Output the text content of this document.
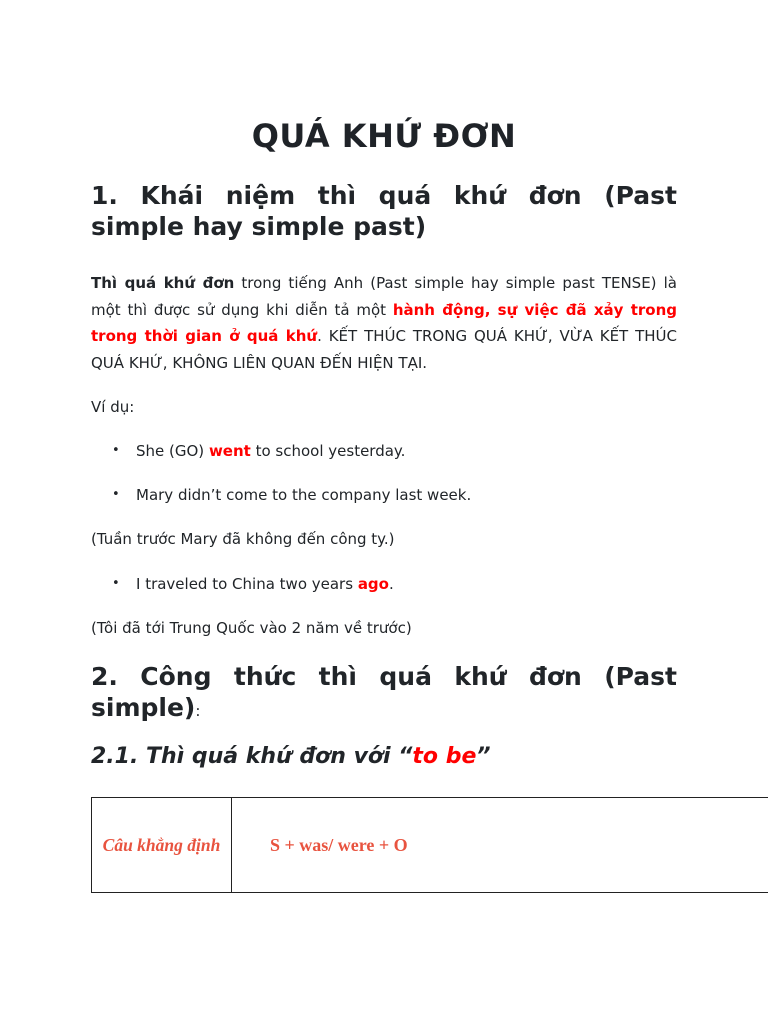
QUÁ KHỨ ĐƠN
1. Khái niệm thì quá khứ đơn (Past
simple hay simple past)

Thì quá khứ đơn trong tiếng Anh (Past simple hay simple past TENSE) là một thì được sử dụng khi diễn tả một hành động, sự việc đã xảy trong trong thời gian ở quá khứ. KẾT THÚC TRONG QUÁ KHỨ, VỪA KẾT THÚC QUÁ KHỨ, KHÔNG LIÊN QUAN ĐẾN HIỆN TẠI.

Ví dụ:

• She (GO) went to school yesterday.
• Mary didn’t come to the company last week.

(Tuần trước Mary đã không đến công ty.)

• I traveled to China two years ago.

(Tôi đã tới Trung Quốc vào 2 năm về trước)

2. Công thức thì quá khứ đơn (Past
simple):
2.1. Thì quá khứ đơn với “to be”
Câu khẳng định	S + was/ were + O
